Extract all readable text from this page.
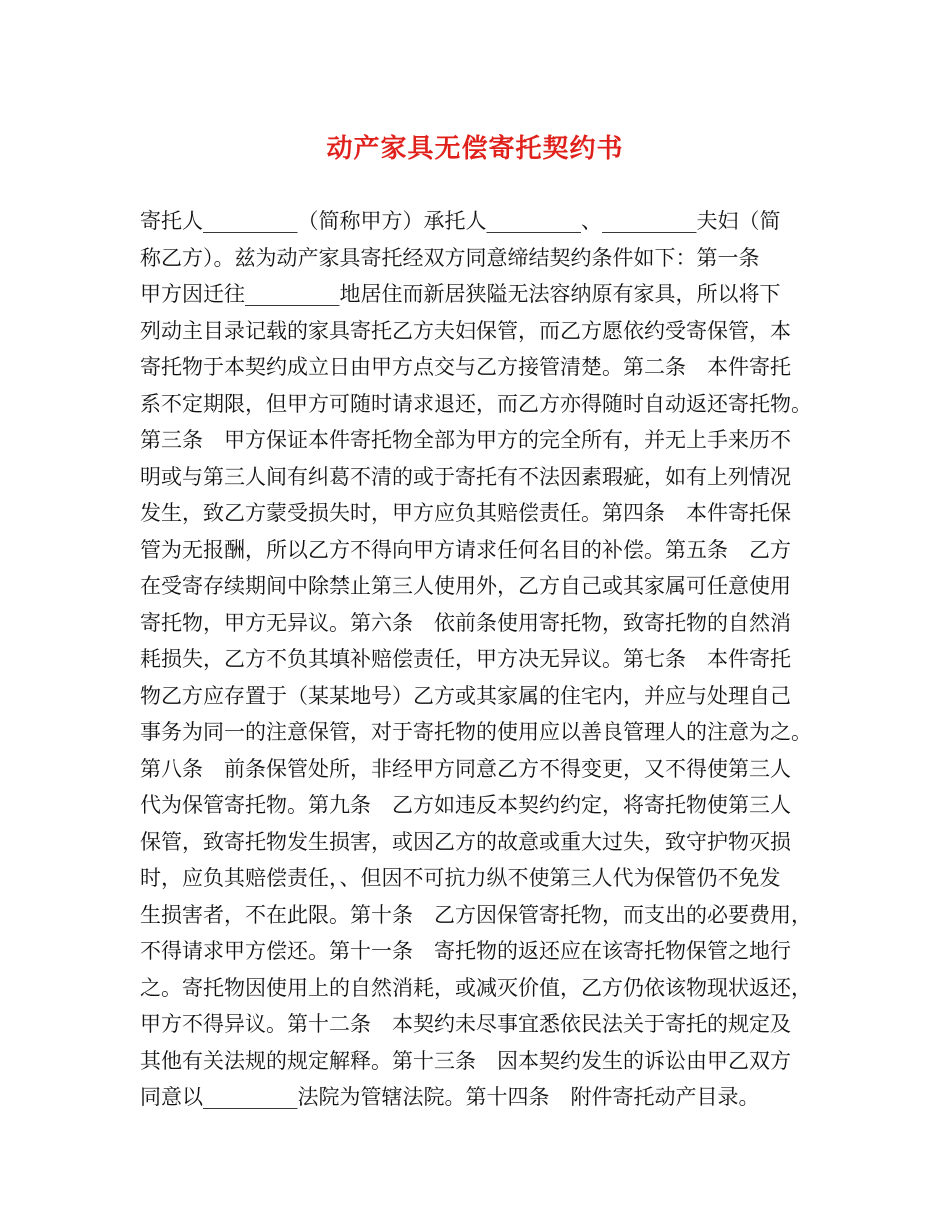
动产家具无偿寄托契约书
寄托人_________（简称甲方）承托人_________、_________夫妇（简
称乙方）。兹为动产家具寄托经双方同意缔结契约条件如下：第一条
甲方因迁往_________地居住而新居狭隘无法容纳原有家具，所以将下
列动主目录记载的家具寄托乙方夫妇保管，而乙方愿依约受寄保管，本
寄托物于本契约成立日由甲方点交与乙方接管清楚。第二条　本件寄托
系不定期限，但甲方可随时请求退还，而乙方亦得随时自动返还寄托物。
第三条　甲方保证本件寄托物全部为甲方的完全所有，并无上手来历不
明或与第三人间有纠葛不清的或于寄托有不法因素瑕疵，如有上列情况
发生，致乙方蒙受损失时，甲方应负其赔偿责任。第四条　本件寄托保
管为无报酬，所以乙方不得向甲方请求任何名目的补偿。第五条　乙方
在受寄存续期间中除禁止第三人使用外，乙方自己或其家属可任意使用
寄托物，甲方无异议。第六条　依前条使用寄托物，致寄托物的自然消
耗损失，乙方不负其填补赔偿责任，甲方决无异议。第七条　本件寄托
物乙方应存置于（某某地号）乙方或其家属的住宅内，并应与处理自己
事务为同一的注意保管，对于寄托物的使用应以善良管理人的注意为之。
第八条　前条保管处所，非经甲方同意乙方不得变更，又不得使第三人
代为保管寄托物。第九条　乙方如违反本契约约定，将寄托物使第三人
保管，致寄托物发生损害，或因乙方的故意或重大过失，致守护物灭损
时，应负其赔偿责任，、但因不可抗力纵不使第三人代为保管仍不免发
生损害者，不在此限。第十条　乙方因保管寄托物，而支出的必要费用，
不得请求甲方偿还。第十一条　寄托物的返还应在该寄托物保管之地行
之。寄托物因使用上的自然消耗，或减灭价值，乙方仍依该物现状返还，
甲方不得异议。第十二条　本契约未尽事宜悉依民法关于寄托的规定及
其他有关法规的规定解释。第十三条　因本契约发生的诉讼由甲乙双方
同意以_________法院为管辖法院。第十四条　附件寄托动产目录。
